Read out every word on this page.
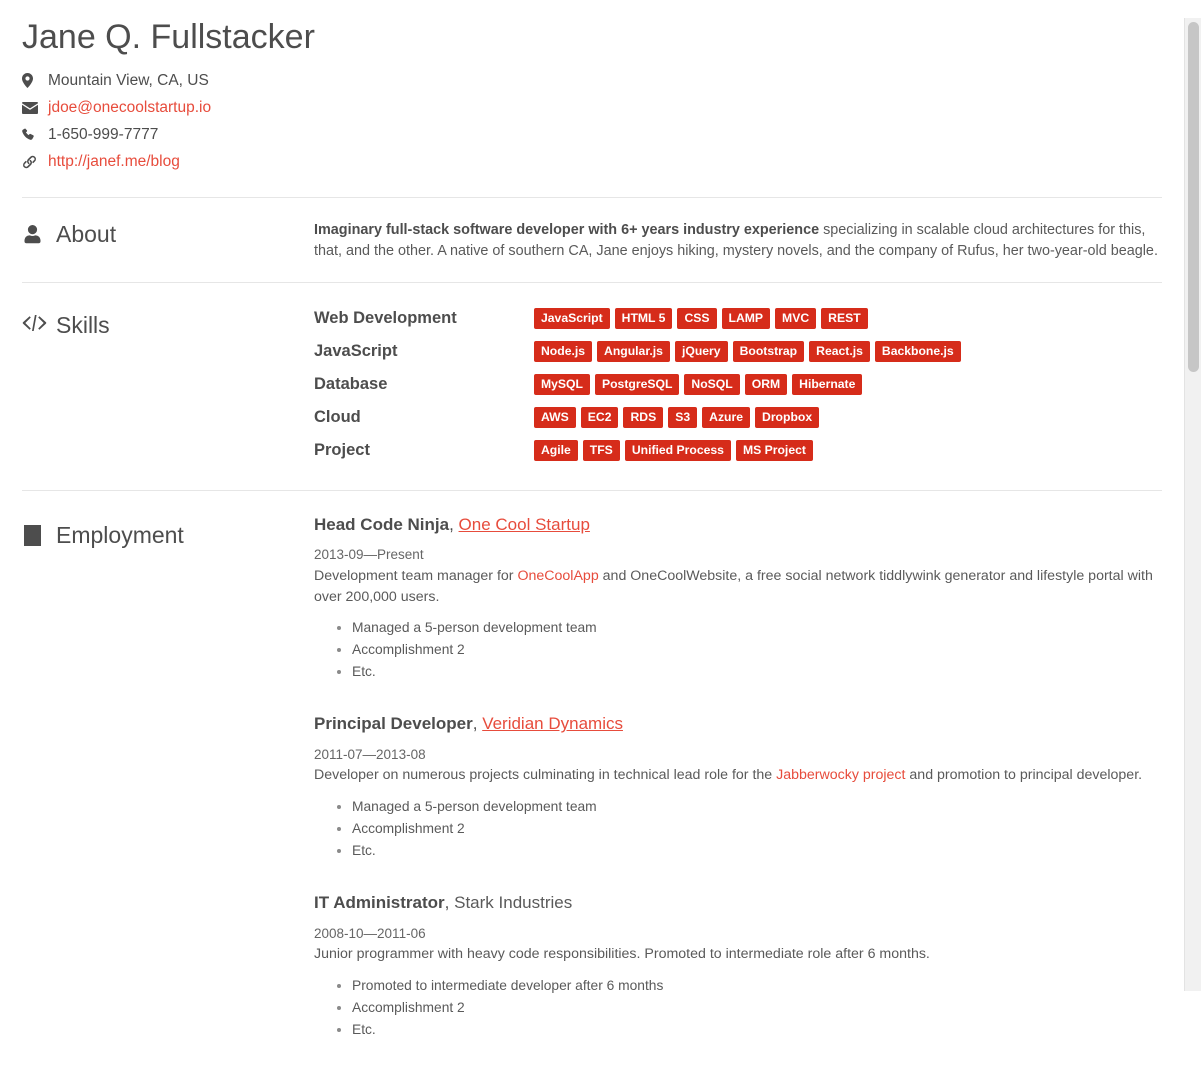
Jane Q. Fullstacker
Mountain View, CA, US
jdoe@onecoolstartup.io
1-650-999-7777
http://janef.me/blog
About	Imaginary full-stack software developer with 6+ years industry experience specializing in scalable cloud architectures for this, that, and the other. A native of southern CA, Jane enjoys hiking, mystery novels, and the company of Rufus, her two-year-old beagle.
Skills	Web Development	JavaScript	HTML 5	CSS	LAMP	MVC	REST
JavaScript	Node.js	Angular.js	jQuery	Bootstrap	React.js	Backbone.js
Database	MySQL	PostgreSQL	NoSQL	ORM	Hibernate
Cloud	AWS	EC2	RDS	S3	Azure	Dropbox
Project	Agile	TFS	Unified Process	MS Project
Employment	Head Code Ninja, One Cool Startup
2013-09—Present
Development team manager for OneCoolApp and OneCoolWebsite, a free social network tiddlywink generator and lifestyle portal with over 200,000 users.
• Managed a 5-person development team
• Accomplishment 2
• Etc.
Principal Developer, Veridian Dynamics
2011-07—2013-08
Developer on numerous projects culminating in technical lead role for the Jabberwocky project and promotion to principal developer.
• Managed a 5-person development team
• Accomplishment 2
• Etc.
IT Administrator, Stark Industries
2008-10—2011-06
Junior programmer with heavy code responsibilities. Promoted to intermediate role after 6 months.
• Promoted to intermediate developer after 6 months
• Accomplishment 2
• Etc.
